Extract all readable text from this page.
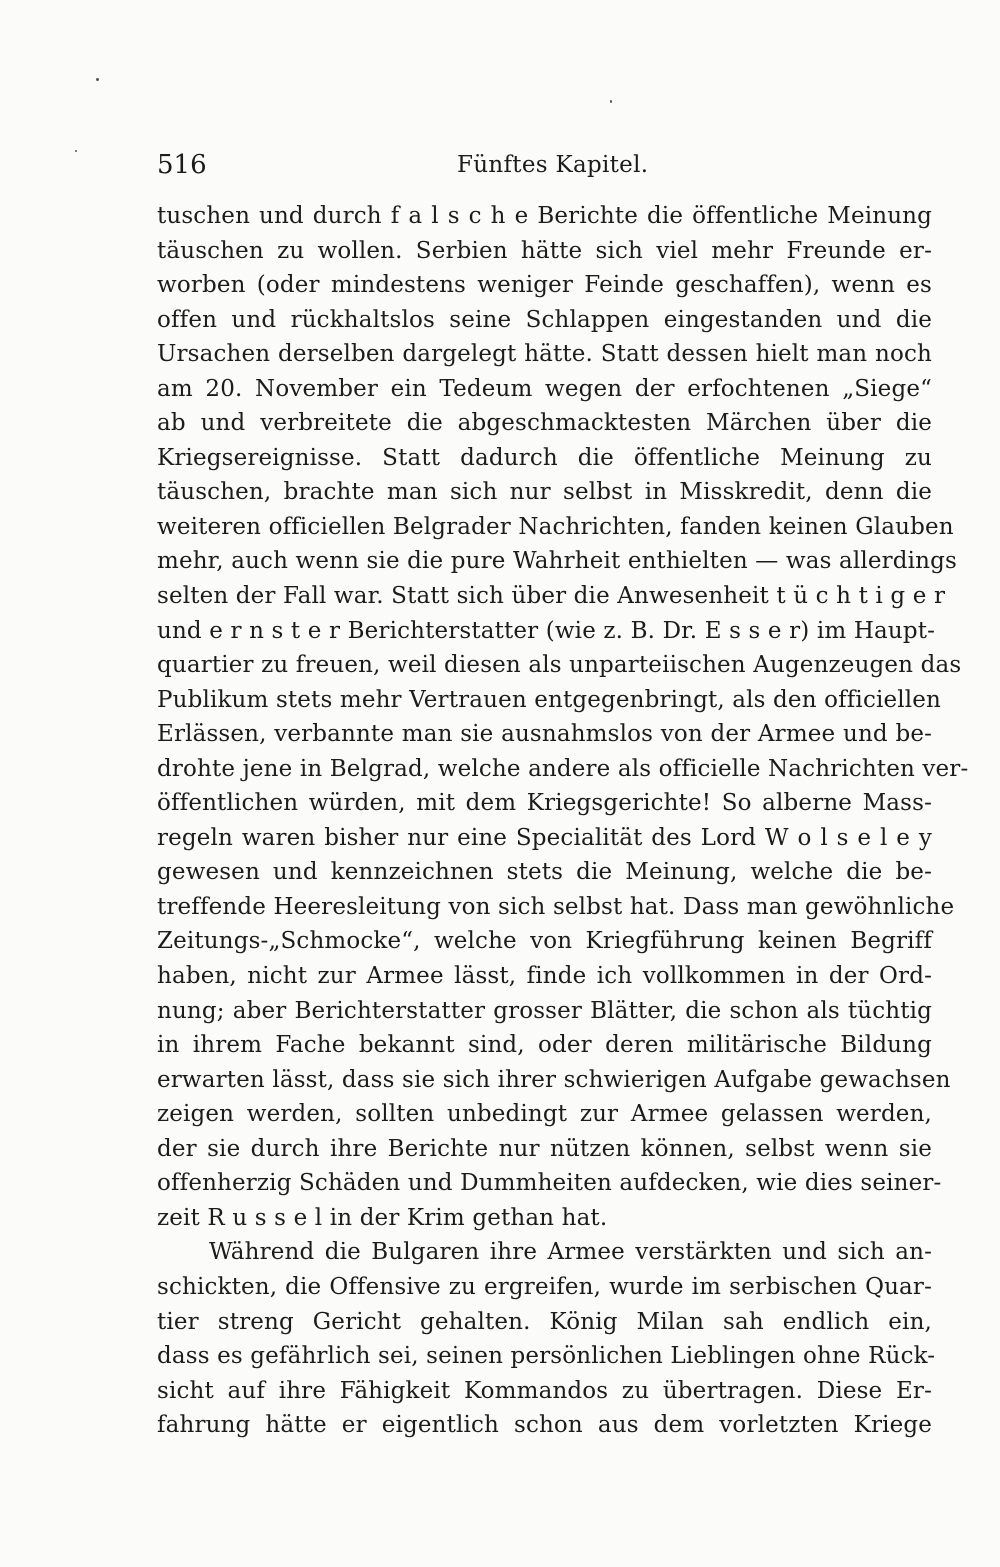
516	Fünftes Kapitel.
tuschen und durch f a l s c h e Berichte die öffentliche Meinung
täuschen zu wollen. Serbien hätte sich viel mehr Freunde er-
worben (oder mindestens weniger Feinde geschaffen), wenn es
offen und rückhaltslos seine Schlappen eingestanden und die
Ursachen derselben dargelegt hätte. Statt dessen hielt man noch
am 20. November ein Tedeum wegen der erfochtenen „Siege“
ab und verbreitete die abgeschmacktesten Märchen über die
Kriegsereignisse. Statt dadurch die öffentliche Meinung zu
täuschen, brachte man sich nur selbst in Misskredit, denn die
weiteren officiellen Belgrader Nachrichten, fanden keinen Glauben
mehr, auch wenn sie die pure Wahrheit enthielten — was allerdings
selten der Fall war. Statt sich über die Anwesenheit t ü c h t i g e r
und e r n s t e r Berichterstatter (wie z. B. Dr. E s s e r) im Haupt-
quartier zu freuen, weil diesen als unparteiischen Augenzeugen das
Publikum stets mehr Vertrauen entgegenbringt, als den officiellen
Erlässen, verbannte man sie ausnahmslos von der Armee und be-
drohte jene in Belgrad, welche andere als officielle Nachrichten ver-
öffentlichen würden, mit dem Kriegsgerichte! So alberne Mass-
regeln waren bisher nur eine Specialität des Lord W o l s e l e y
gewesen und kennzeichnen stets die Meinung, welche die be-
treffende Heeresleitung von sich selbst hat. Dass man gewöhnliche
Zeitungs-„Schmocke“, welche von Kriegführung keinen Begriff
haben, nicht zur Armee lässt, finde ich vollkommen in der Ord-
nung; aber Berichterstatter grosser Blätter, die schon als tüchtig
in ihrem Fache bekannt sind, oder deren militärische Bildung
erwarten lässt, dass sie sich ihrer schwierigen Aufgabe gewachsen
zeigen werden, sollten unbedingt zur Armee gelassen werden,
der sie durch ihre Berichte nur nützen können, selbst wenn sie
offenherzig Schäden und Dummheiten aufdecken, wie dies seiner-
zeit R u s s e l in der Krim gethan hat.
Während die Bulgaren ihre Armee verstärkten und sich an-
schickten, die Offensive zu ergreifen, wurde im serbischen Quar-
tier streng Gericht gehalten. König Milan sah endlich ein,
dass es gefährlich sei, seinen persönlichen Lieblingen ohne Rück-
sicht auf ihre Fähigkeit Kommandos zu übertragen. Diese Er-
fahrung hätte er eigentlich schon aus dem vorletzten Kriege
